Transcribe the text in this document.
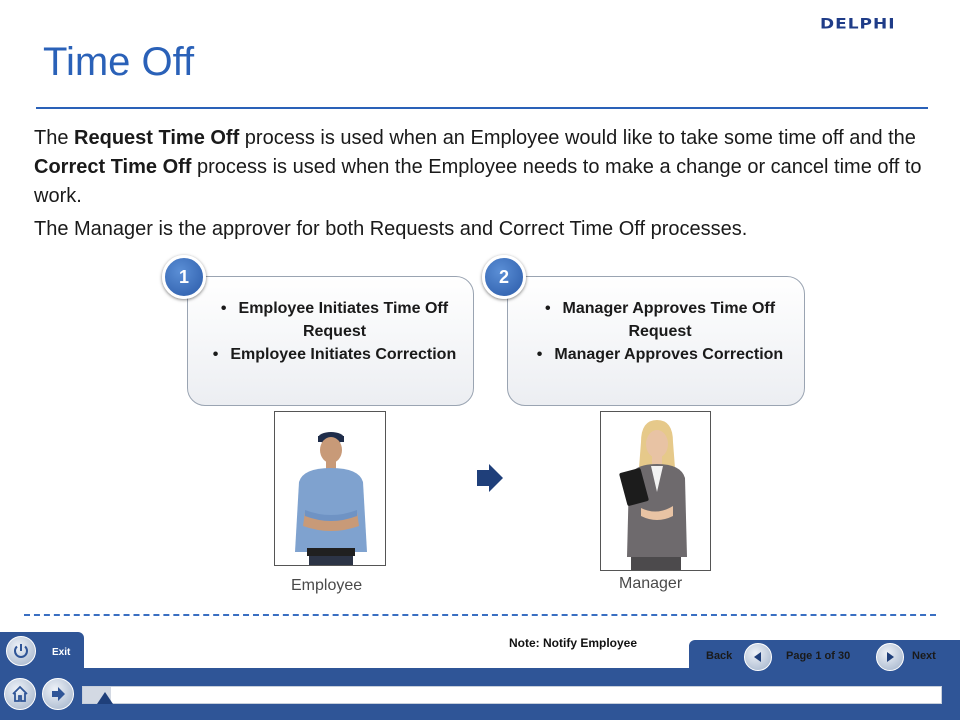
DELPHI
Time Off

The Request Time Off process is used when an Employee would like to take some time off and the Correct Time Off process is used when the Employee needs to make a change or cancel time off to work.

The Manager is the approver for both Requests and Correct Time Off processes.

• Employee Initiates Time Off Request
• Employee Initiates Correction
1
• Manager Approves Time Off Request
• Manager Approves Correction
2
Employee	Manager
Note: Notify Employee
Exit	Back	Page 1 of 30	Next
